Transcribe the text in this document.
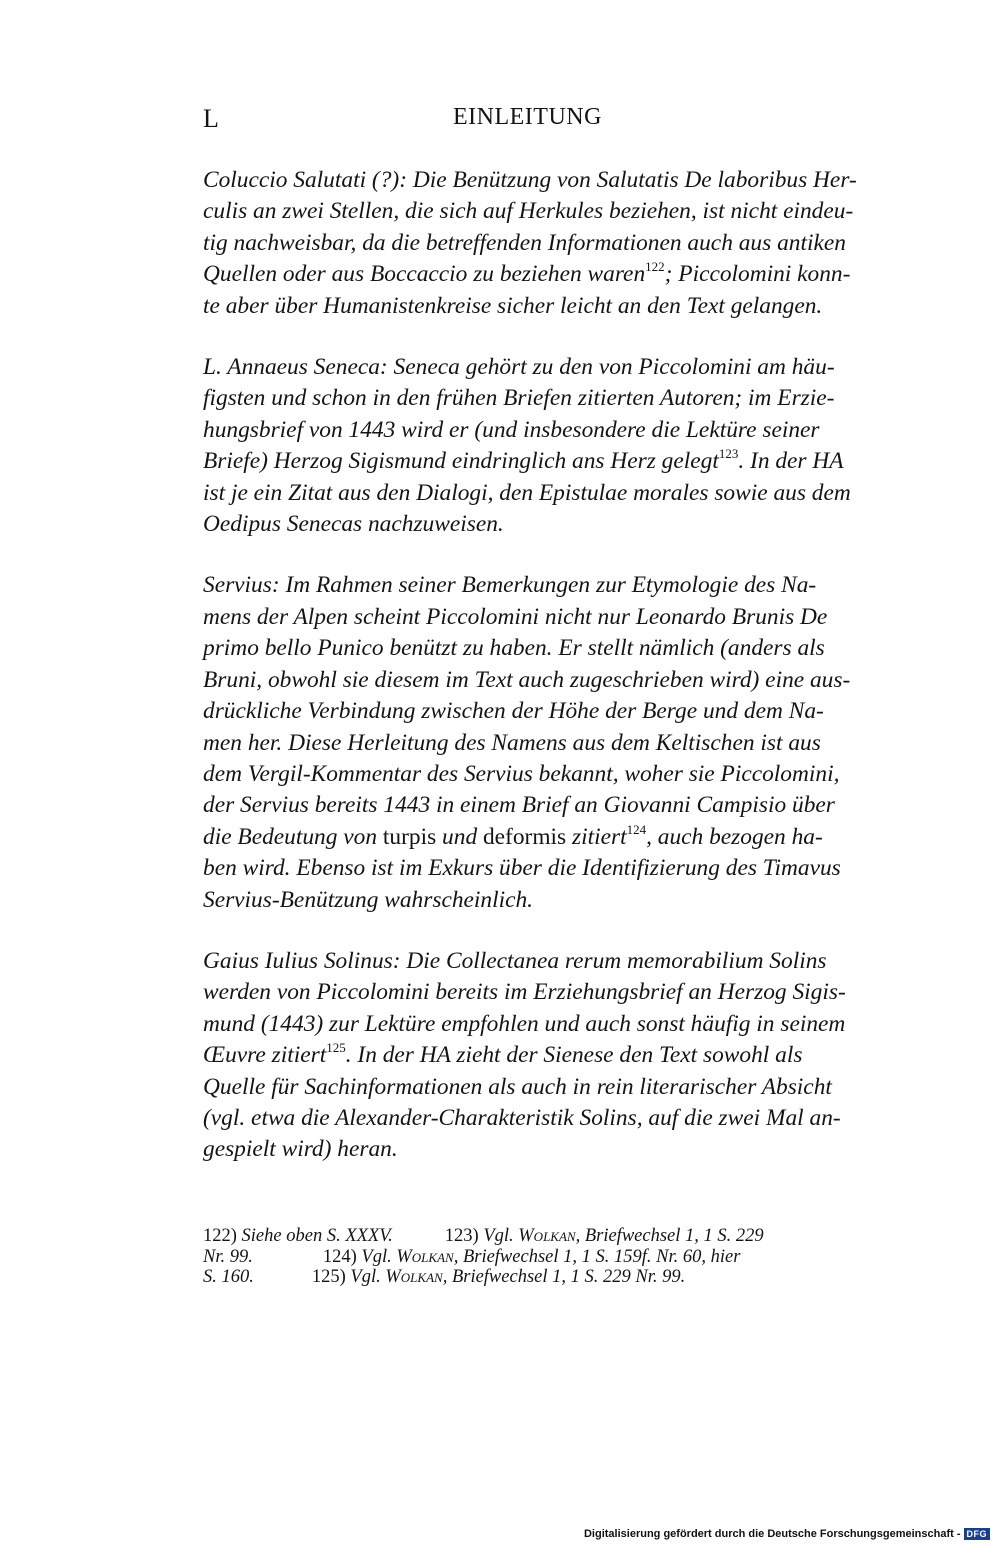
L	EINLEITUNG

Coluccio Salutati (?): Die Benützung von Salutatis De laboribus Her-
culis an zwei Stellen, die sich auf Herkules beziehen, ist nicht eindeu-
tig nachweisbar, da die betreffenden Informationen auch aus antiken
Quellen oder aus Boccaccio zu beziehen waren$^{122}$; Piccolomini konn-
te aber über Humanistenkreise sicher leicht an den Text gelangen.

L. Annaeus Seneca: Seneca gehört zu den von Piccolomini am häu-
figsten und schon in den frühen Briefen zitierten Autoren; im Erzie-
hungsbrief von 1443 wird er (und insbesondere die Lektüre seiner
Briefe) Herzog Sigismund eindringlich ans Herz gelegt$^{123}$. In der HA
ist je ein Zitat aus den Dialogi, den Epistulae morales sowie aus dem
Oedipus Senecas nachzuweisen.

Servius: Im Rahmen seiner Bemerkungen zur Etymologie des Na-
mens der Alpen scheint Piccolomini nicht nur Leonardo Brunis De
primo bello Punico benützt zu haben. Er stellt nämlich (anders als
Bruni, obwohl sie diesem im Text auch zugeschrieben wird) eine aus-
drückliche Verbindung zwischen der Höhe der Berge und dem Na-
men her. Diese Herleitung des Namens aus dem Keltischen ist aus
dem Vergil-Kommentar des Servius bekannt, woher sie Piccolomini,
der Servius bereits 1443 in einem Brief an Giovanni Campisio über
die Bedeutung von turpis und deformis zitiert$^{124}$, auch bezogen ha-
ben wird. Ebenso ist im Exkurs über die Identifizierung des Timavus
Servius-Benützung wahrscheinlich.

Gaius Iulius Solinus: Die Collectanea rerum memorabilium Solins
werden von Piccolomini bereits im Erziehungsbrief an Herzog Sigis-
mund (1443) zur Lektüre empfohlen und auch sonst häufig in seinem
Œuvre zitiert$^{125}$. In der HA zieht der Sienese den Text sowohl als
Quelle für Sachinformationen als auch in rein literarischer Absicht
(vgl. etwa die Alexander-Charakteristik Solins, auf die zwei Mal an-
gespielt wird) heran.

122) Siehe oben S. XXXV.	123) Vgl. Wolkan, Briefwechsel 1, 1 S. 229
Nr. 99.	124) Vgl. Wolkan, Briefwechsel 1, 1 S. 159f. Nr. 60, hier
S. 160.	125) Vgl. Wolkan, Briefwechsel 1, 1 S. 229 Nr. 99.
Digitalisierung gefördert durch die Deutsche Forschungsgemeinschaft - DFG
